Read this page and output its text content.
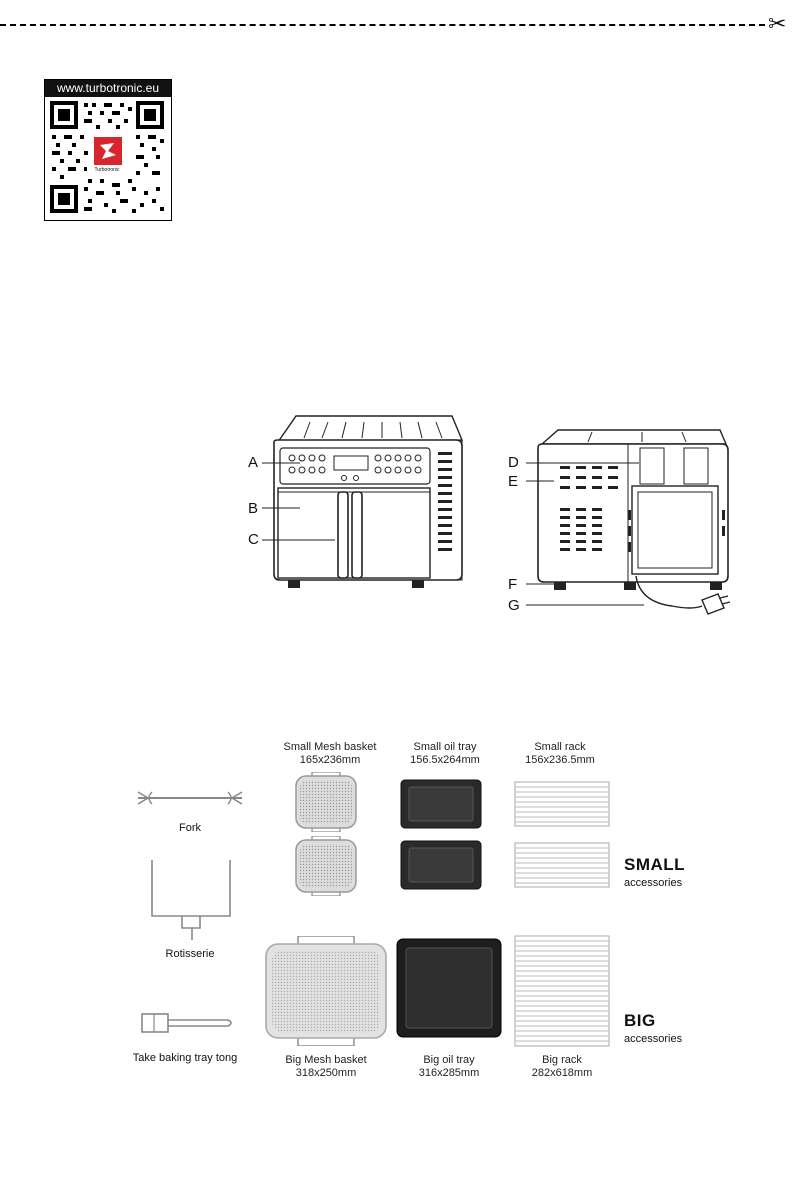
✂
www.turbotronic.eu
Turbotronic
A
B
C
D
E
F
G
Small Mesh basket
165x236mm
Small oil tray
156.5x264mm
Small rack
156x236.5mm
SMALL
accessories
Fork
Rotisserie
Take baking tray tong
BIG
accessories
Big Mesh basket
318x250mm
Big oil tray
316x285mm
Big rack
282x618mm
